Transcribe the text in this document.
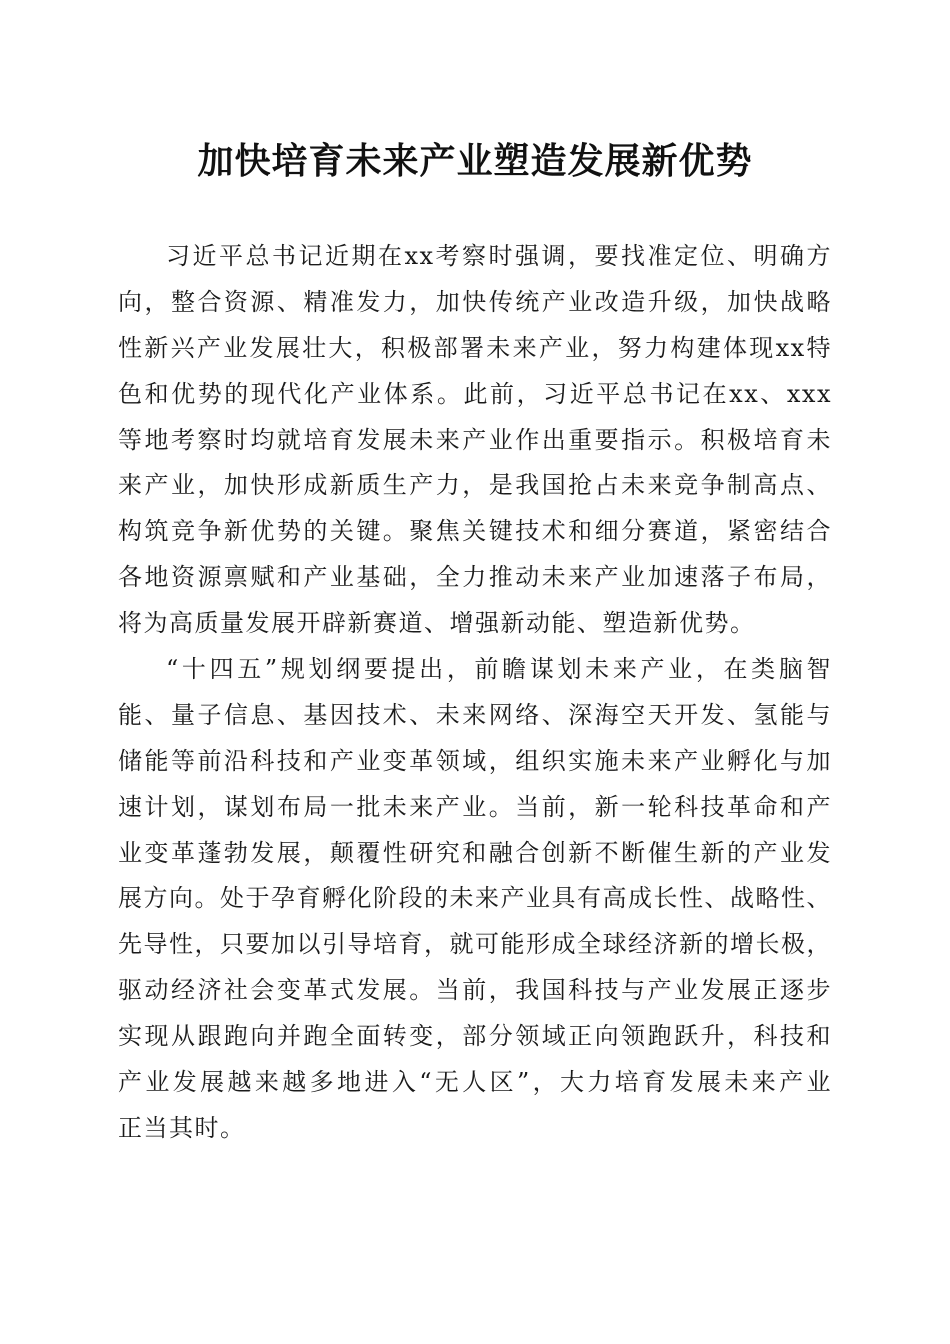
加快培育未来产业塑造发展新优势
习近平总书记近期在xx考察时强调，要找准定位、明确方
向，整合资源、精准发力，加快传统产业改造升级，加快战略
性新兴产业发展壮大，积极部署未来产业，努力构建体现xx特
色和优势的现代化产业体系。此前，习近平总书记在xx、xxx
等地考察时均就培育发展未来产业作出重要指示。积极培育未
来产业，加快形成新质生产力，是我国抢占未来竞争制高点、
构筑竞争新优势的关键。聚焦关键技术和细分赛道，紧密结合
各地资源禀赋和产业基础，全力推动未来产业加速落子布局，
将为高质量发展开辟新赛道、增强新动能、塑造新优势。
“十四五”规划纲要提出，前瞻谋划未来产业，在类脑智
能、量子信息、基因技术、未来网络、深海空天开发、氢能与
储能等前沿科技和产业变革领域，组织实施未来产业孵化与加
速计划，谋划布局一批未来产业。当前，新一轮科技革命和产
业变革蓬勃发展，颠覆性研究和融合创新不断催生新的产业发
展方向。处于孕育孵化阶段的未来产业具有高成长性、战略性、
先导性，只要加以引导培育，就可能形成全球经济新的增长极，
驱动经济社会变革式发展。当前，我国科技与产业发展正逐步
实现从跟跑向并跑全面转变，部分领域正向领跑跃升，科技和
产业发展越来越多地进入“无人区”，大力培育发展未来产业
正当其时。
